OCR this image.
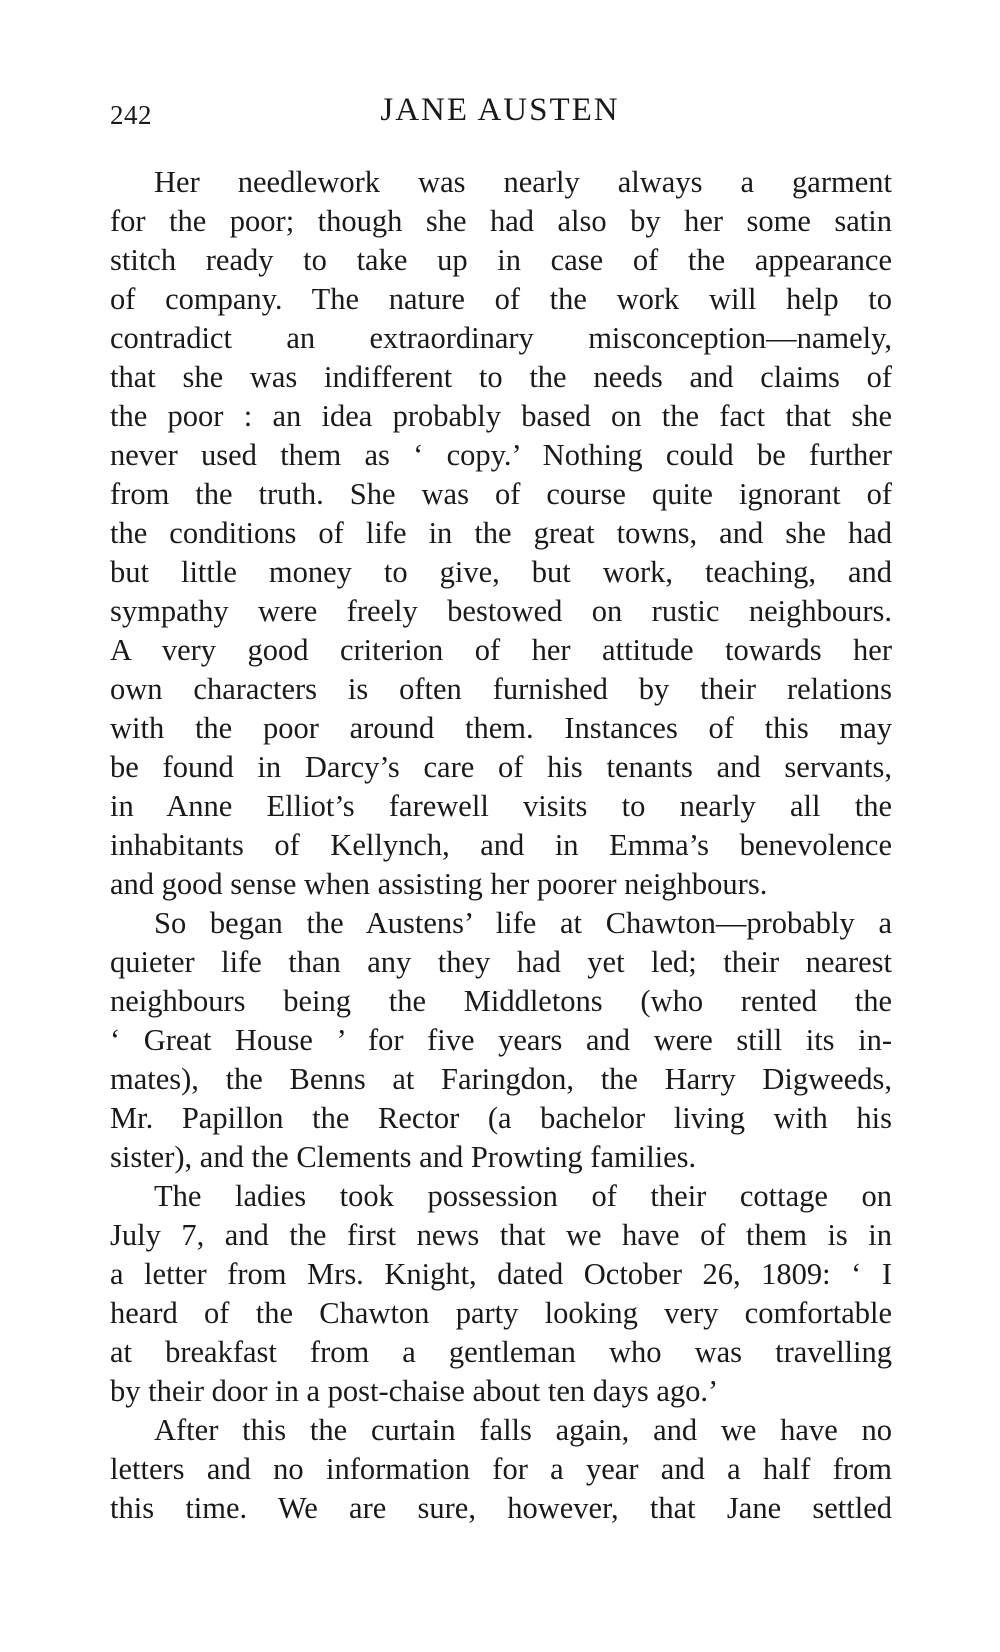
242	JANE AUSTEN
Her needlework was nearly always a garment
for the poor; though she had also by her some satin
stitch ready to take up in case of the appearance
of company. The nature of the work will help to
contradict an extraordinary misconception—namely,
that she was indifferent to the needs and claims of
the poor : an idea probably based on the fact that she
never used them as ‘ copy.’ Nothing could be further
from the truth. She was of course quite ignorant of
the conditions of life in the great towns, and she had
but little money to give, but work, teaching, and
sympathy were freely bestowed on rustic neighbours.
A very good criterion of her attitude towards her
own characters is often furnished by their relations
with the poor around them. Instances of this may
be found in Darcy’s care of his tenants and servants,
in Anne Elliot’s farewell visits to nearly all the
inhabitants of Kellynch, and in Emma’s benevolence
and good sense when assisting her poorer neighbours.
So began the Austens’ life at Chawton—probably a
quieter life than any they had yet led; their nearest
neighbours being the Middletons (who rented the
‘ Great House ’ for five years and were still its in-
mates), the Benns at Faringdon, the Harry Digweeds,
Mr. Papillon the Rector (a bachelor living with his
sister), and the Clements and Prowting families.
The ladies took possession of their cottage on
July 7, and the first news that we have of them is in
a letter from Mrs. Knight, dated October 26, 1809: ‘ I
heard of the Chawton party looking very comfortable
at breakfast from a gentleman who was travelling
by their door in a post-chaise about ten days ago.’
After this the curtain falls again, and we have no
letters and no information for a year and a half from
this time. We are sure, however, that Jane settled
